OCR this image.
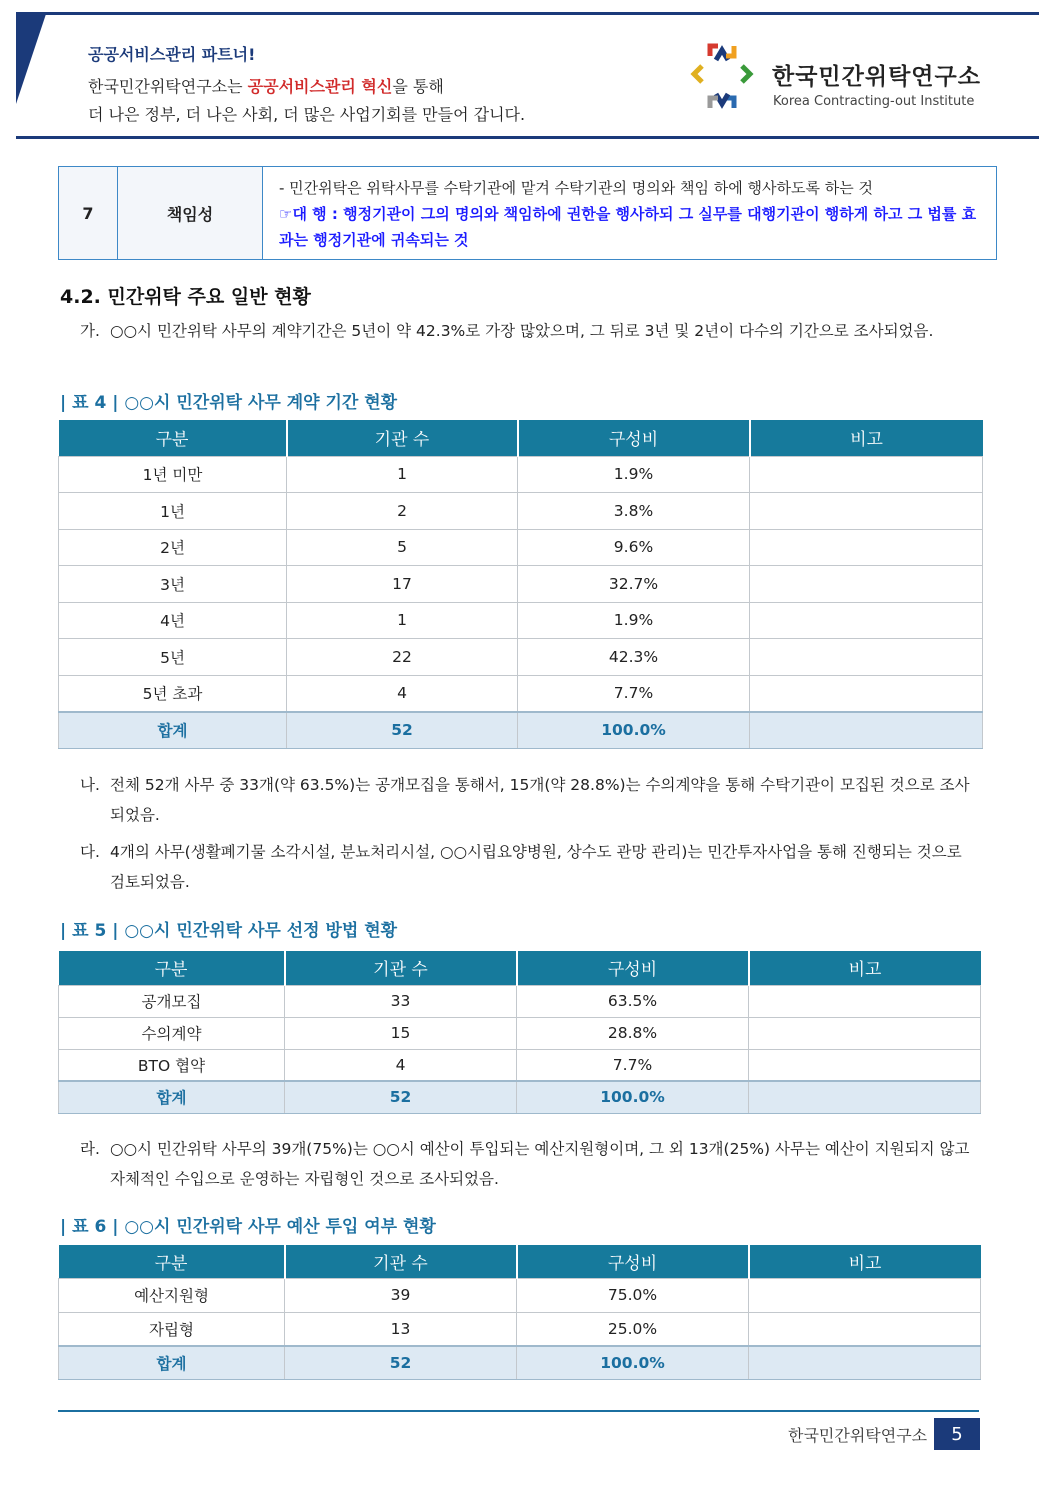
공공서비스관리 파트너!
한국민간위탁연구소는 공공서비스관리 혁신을 통해
더 나은 정부, 더 나은 사회, 더 많은 사업기회를 만들어 갑니다.
한국민간위탁연구소
Korea Contracting-out Institute
7	책임성
- 민간위탁은 위탁사무를 수탁기관에 맡겨 수탁기관의 명의와 책임 하에 행사하도록 하는 것
☞대 행 : 행정기관이 그의 명의와 책임하에 권한을 행사하되 그 실무를 대행기관이 행하게 하고 그 법률 효과는 행정기관에 귀속되는 것
4.2. 민간위탁 주요 일반 현황
가. ○○시 민간위탁 사무의 계약기간은 5년이 약 42.3%로 가장 많았으며, 그 뒤로 3년 및 2년이 다수의 기간으로 조사되었음.
| 표 4 | ○○시 민간위탁 사무 계약 기간 현황
구분	기관 수	구성비	비고
1년 미만	1	1.9%	
1년	2	3.8%	
2년	5	9.6%	
3년	17	32.7%	
4년	1	1.9%	
5년	22	42.3%	
5년 초과	4	7.7%	
합계	52	100.0%	
나. 전체 52개 사무 중 33개(약 63.5%)는 공개모집을 통해서, 15개(약 28.8%)는 수의계약을 통해 수탁기관이 모집된 것으로 조사되었음.
다. 4개의 사무(생활폐기물 소각시설, 분뇨처리시설, ○○시립요양병원, 상수도 관망 관리)는 민간투자사업을 통해 진행되는 것으로 검토되었음.
| 표 5 | ○○시 민간위탁 사무 선정 방법 현황
구분	기관 수	구성비	비고
공개모집	33	63.5%	
수의계약	15	28.8%	
BTO 협약	4	7.7%	
합계	52	100.0%	
라. ○○시 민간위탁 사무의 39개(75%)는 ○○시 예산이 투입되는 예산지원형이며, 그 외 13개(25%) 사무는 예산이 지원되지 않고 자체적인 수입으로 운영하는 자립형인 것으로 조사되었음.
| 표 6 | ○○시 민간위탁 사무 예산 투입 여부 현황
구분	기관 수	구성비	비고
예산지원형	39	75.0%	
자립형	13	25.0%	
합계	52	100.0%	
한국민간위탁연구소	5
